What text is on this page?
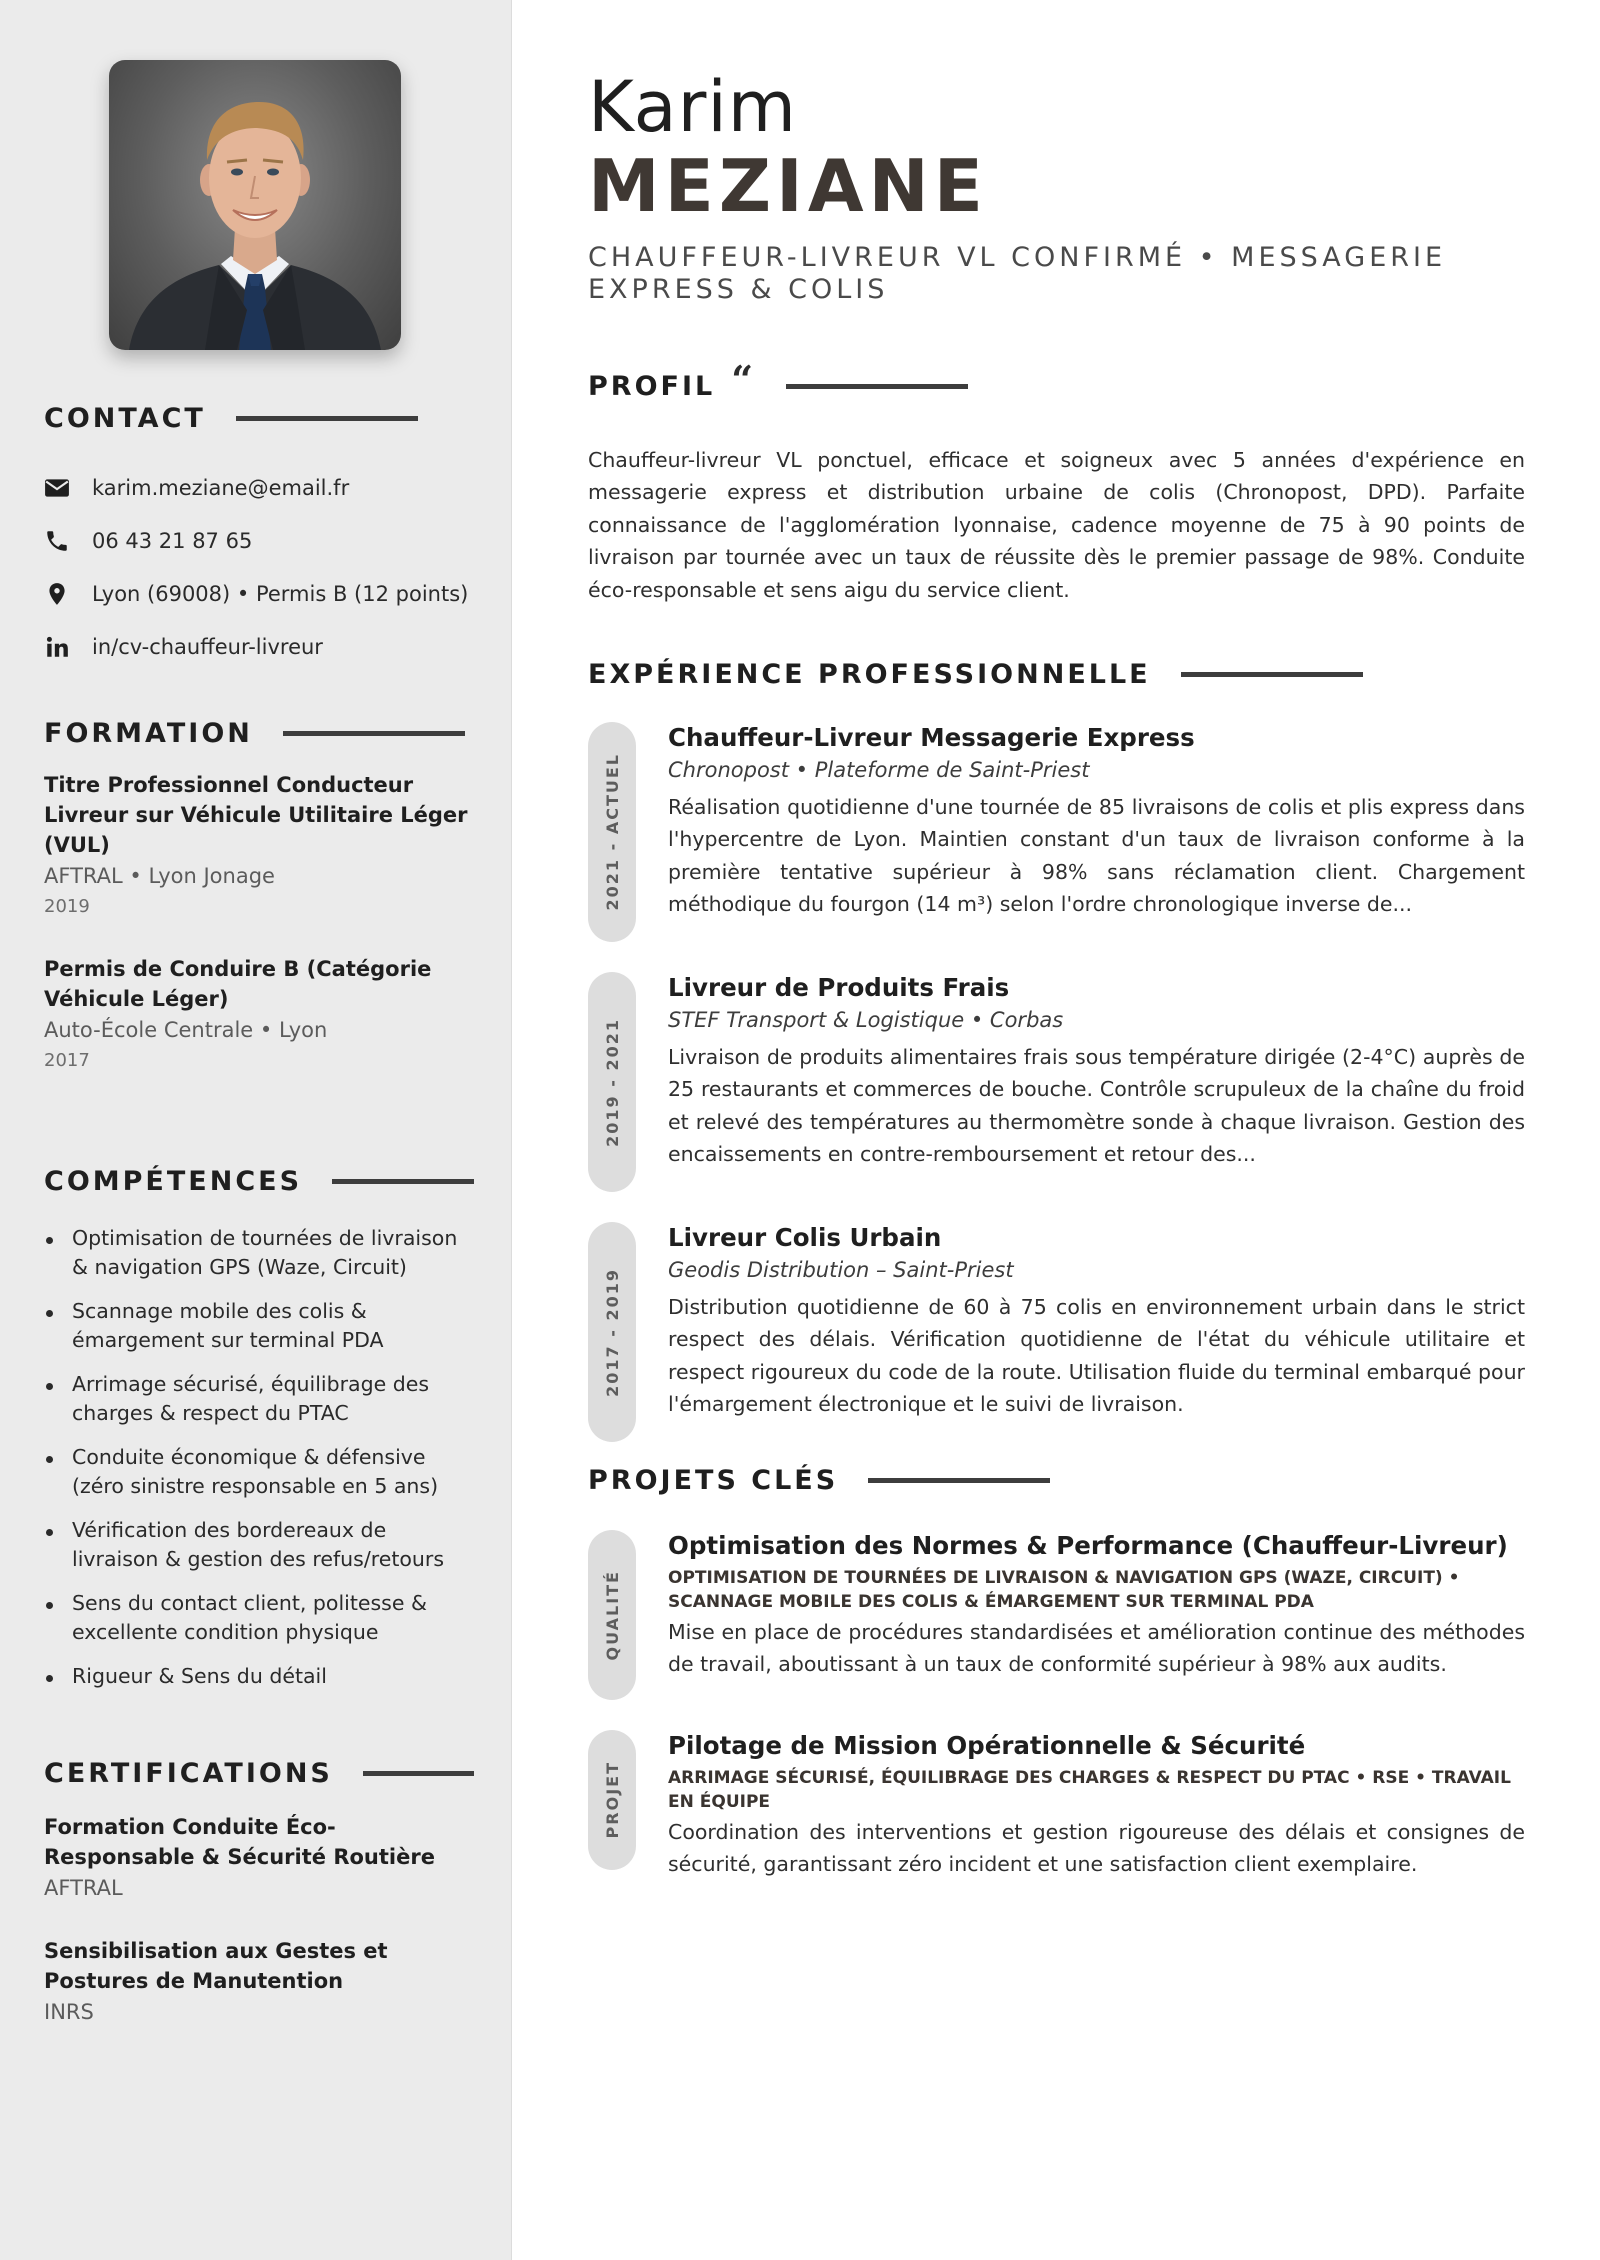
CONTACT
karim.meziane@email.fr
06 43 21 87 65
Lyon (69008) • Permis B (12 points)
in/cv-chauffeur-livreur
FORMATION
Titre Professionnel Conducteur Livreur sur Véhicule Utilitaire Léger (VUL)
AFTRAL • Lyon Jonage
2019
Permis de Conduire B (Catégorie Véhicule Léger)
Auto-École Centrale • Lyon
2017
COMPÉTENCES
Optimisation de tournées de livraison & navigation GPS (Waze, Circuit)
Scannage mobile des colis & émargement sur terminal PDA
Arrimage sécurisé, équilibrage des charges & respect du PTAC
Conduite économique & défensive (zéro sinistre responsable en 5 ans)
Vérification des bordereaux de livraison & gestion des refus/retours
Sens du contact client, politesse & excellente condition physique
Rigueur & Sens du détail
CERTIFICATIONS
Formation Conduite Éco-Responsable & Sécurité Routière
AFTRAL
Sensibilisation aux Gestes et Postures de Manutention
INRS
Karim
MEZIANE
CHAUFFEUR-LIVREUR VL CONFIRMÉ • MESSAGERIE EXPRESS & COLIS
PROFIL “

Chauffeur-livreur VL ponctuel, efficace et soigneux avec 5 années d'expérience en messagerie express et distribution urbaine de colis (Chronopost, DPD). Parfaite connaissance de l'agglomération lyonnaise, cadence moyenne de 75 à 90 points de livraison par tournée avec un taux de réussite dès le premier passage de 98%. Conduite éco-responsable et sens aigu du service client.

EXPÉRIENCE PROFESSIONNELLE
2021 - ACTUEL
Chauffeur-Livreur Messagerie Express
Chronopost • Plateforme de Saint-Priest

Réalisation quotidienne d'une tournée de 85 livraisons de colis et plis express dans l'hypercentre de Lyon. Maintien constant d'un taux de livraison conforme à la première tentative supérieur à 98% sans réclamation client. Chargement méthodique du fourgon (14 m³) selon l'ordre chronologique inverse de...

2019 - 2021
Livreur de Produits Frais
STEF Transport & Logistique • Corbas

Livraison de produits alimentaires frais sous température dirigée (2-4°C) auprès de 25 restaurants et commerces de bouche. Contrôle scrupuleux de la chaîne du froid et relevé des températures au thermomètre sonde à chaque livraison. Gestion des encaissements en contre-remboursement et retour des...

2017 - 2019
Livreur Colis Urbain
Geodis Distribution – Saint-Priest

Distribution quotidienne de 60 à 75 colis en environnement urbain dans le strict respect des délais. Vérification quotidienne de l'état du véhicule utilitaire et respect rigoureux du code de la route. Utilisation fluide du terminal embarqué pour l'émargement électronique et le suivi de livraison.

PROJETS CLÉS
QUALITÉ
Optimisation des Normes & Performance (Chauffeur-Livreur)
OPTIMISATION DE TOURNÉES DE LIVRAISON & NAVIGATION GPS (WAZE, CIRCUIT) • SCANNAGE MOBILE DES COLIS & ÉMARGEMENT SUR TERMINAL PDA

Mise en place de procédures standardisées et amélioration continue des méthodes de travail, aboutissant à un taux de conformité supérieur à 98% aux audits.

PROJET
Pilotage de Mission Opérationnelle & Sécurité
ARRIMAGE SÉCURISÉ, ÉQUILIBRAGE DES CHARGES & RESPECT DU PTAC • RSE • TRAVAIL EN ÉQUIPE

Coordination des interventions et gestion rigoureuse des délais et consignes de sécurité, garantissant zéro incident et une satisfaction client exemplaire.
